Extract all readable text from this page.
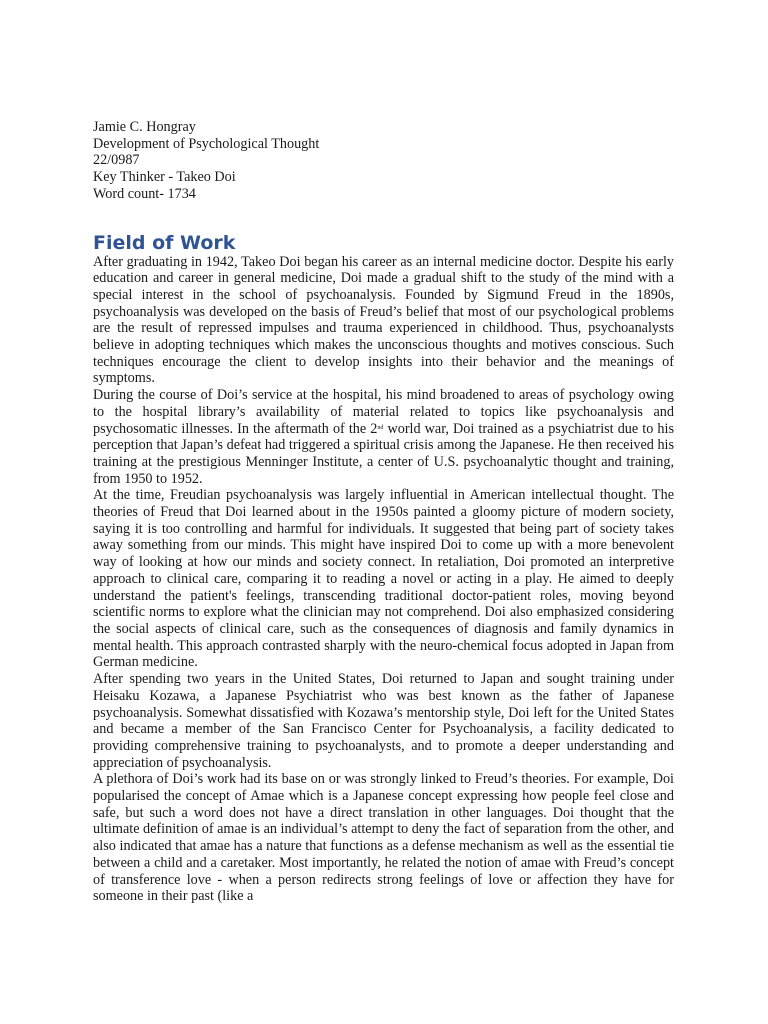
Jamie C. Hongray
Development of Psychological Thought
22/0987
Key Thinker - Takeo Doi
Word count- 1734
Field of Work

After graduating in 1942, Takeo Doi began his career as an internal medicine doctor. Despite his early education and career in general medicine, Doi made a gradual shift to the study of the mind with a special interest in the school of psychoanalysis. Founded by Sigmund Freud in the 1890s, psychoanalysis was developed on the basis of Freud’s belief that most of our psychological problems are the result of repressed impulses and trauma experienced in childhood. Thus, psychoanalysts believe in adopting techniques which makes the unconscious thoughts and motives conscious. Such techniques encourage the client to develop insights into their behavior and the meanings of symptoms.

During the course of Doi’s service at the hospital, his mind broadened to areas of psychology owing to the hospital library’s availability of material related to topics like psychoanalysis and psychosomatic illnesses. In the aftermath of the 2nd world war, Doi trained as a psychiatrist due to his perception that Japan’s defeat had triggered a spiritual crisis among the Japanese. He then received his training at the prestigious Menninger Institute, a center of U.S. psychoanalytic thought and training, from 1950 to 1952.

At the time, Freudian psychoanalysis was largely influential in American intellectual thought. The theories of Freud that Doi learned about in the 1950s painted a gloomy picture of modern society, saying it is too controlling and harmful for individuals. It suggested that being part of society takes away something from our minds. This might have inspired Doi to come up with a more benevolent way of looking at how our minds and society connect. In retaliation, Doi promoted an interpretive approach to clinical care, comparing it to reading a novel or acting in a play. He aimed to deeply understand the patient's feelings, transcending traditional doctor-patient roles, moving beyond scientific norms to explore what the clinician may not comprehend. Doi also emphasized considering the social aspects of clinical care, such as the consequences of diagnosis and family dynamics in mental health. This approach contrasted sharply with the neuro-chemical focus adopted in Japan from German medicine.

After spending two years in the United States, Doi returned to Japan and sought training under Heisaku Kozawa, a Japanese Psychiatrist who was best known as the father of Japanese psychoanalysis. Somewhat dissatisfied with Kozawa’s mentorship style, Doi left for the United States and became a member of the San Francisco Center for Psychoanalysis, a facility dedicated to providing comprehensive training to psychoanalysts, and to promote a deeper understanding and appreciation of psychoanalysis.

A plethora of Doi’s work had its base on or was strongly linked to Freud’s theories. For example, Doi popularised the concept of Amae which is a Japanese concept expressing how people feel close and safe, but such a word does not have a direct translation in other languages. Doi thought that the ultimate definition of amae is an individual’s attempt to deny the fact of separation from the other, and also indicated that amae has a nature that functions as a defense mechanism as well as the essential tie between a child and a caretaker. Most importantly, he related the notion of amae with Freud’s concept of transference love - when a person redirects strong feelings of love or affection they have for someone in their past (like a
